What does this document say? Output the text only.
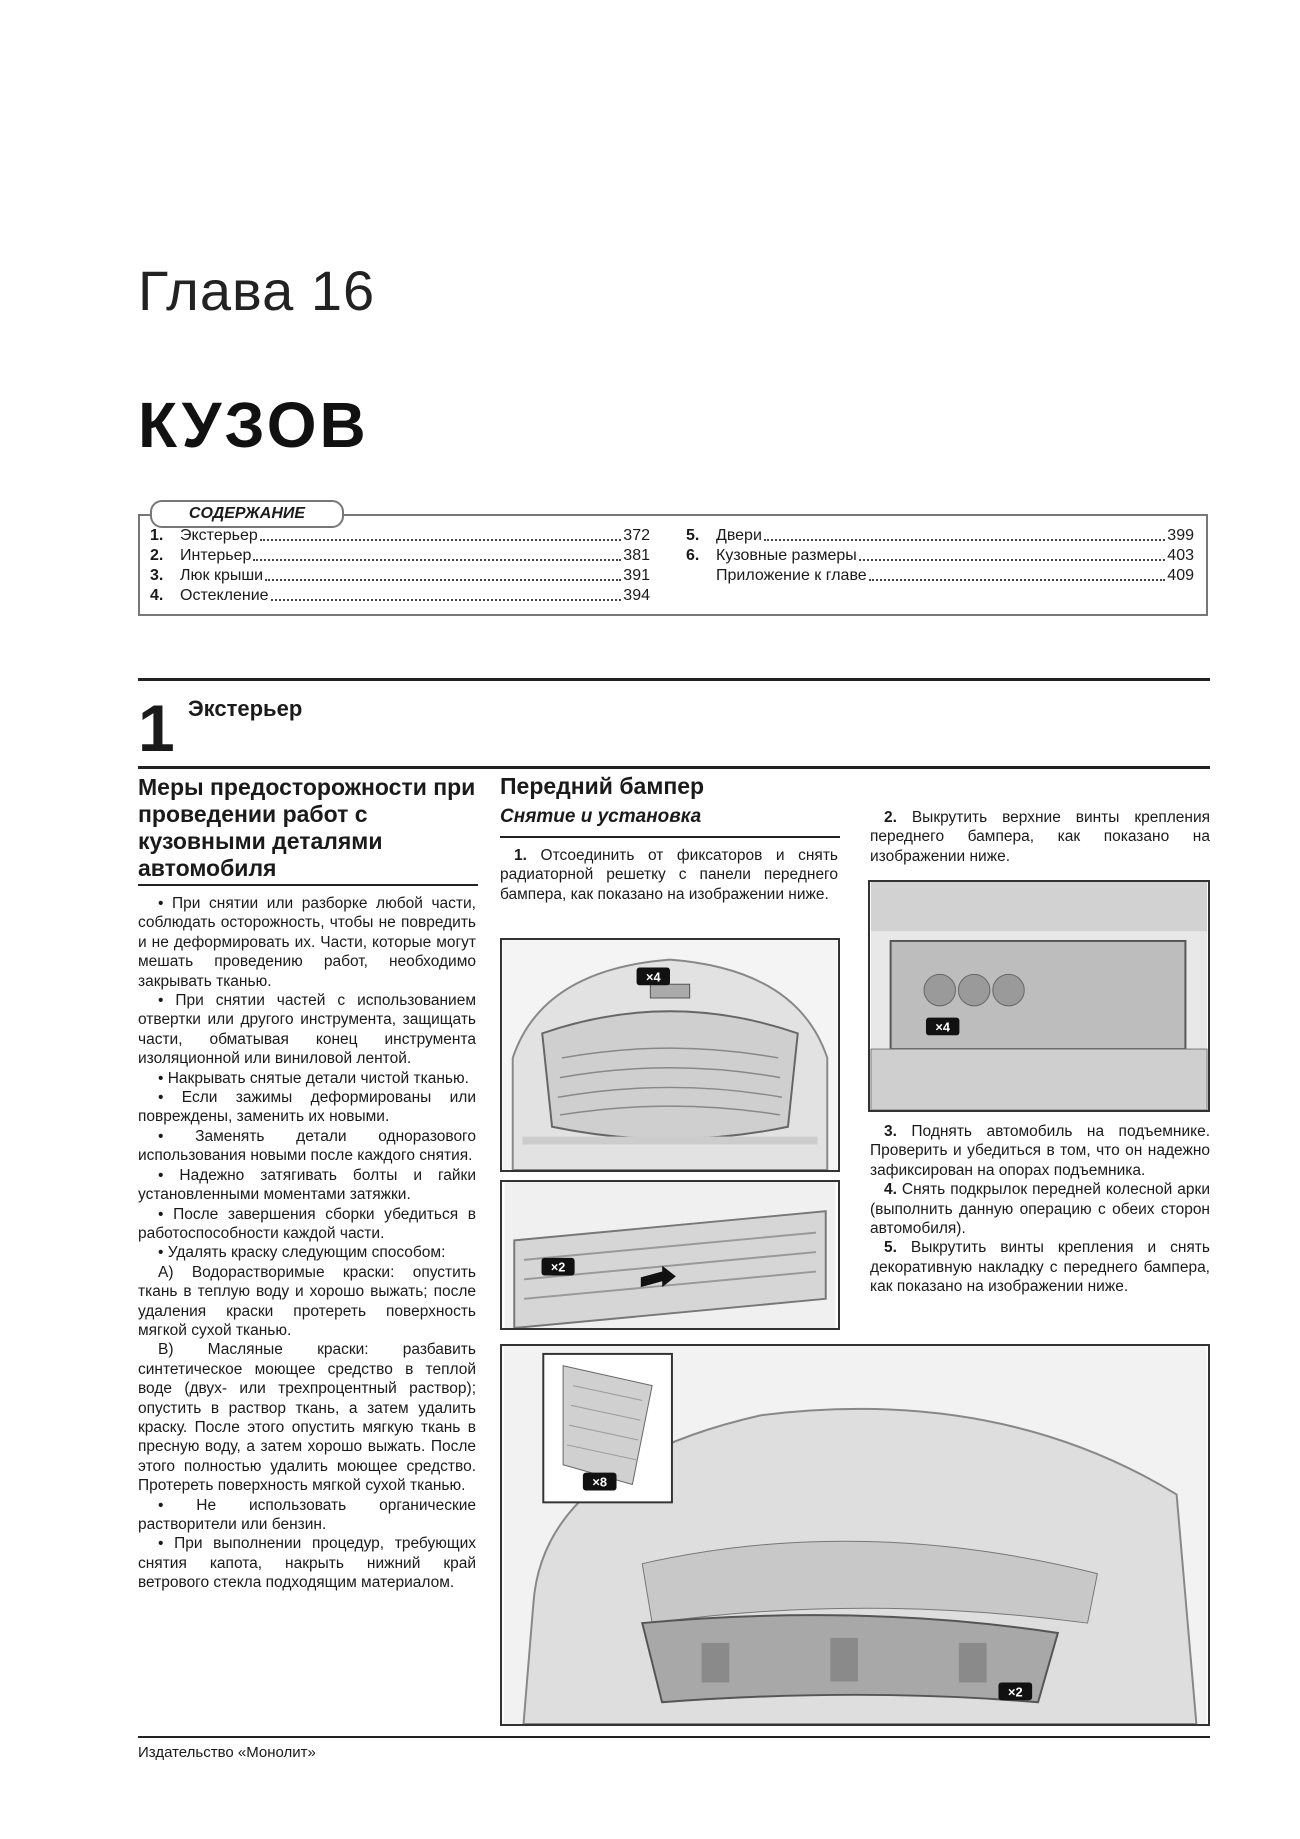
Глава 16
КУЗОВ
СОДЕРЖАНИЕ
1.	Экстерьер	372
2.	Интерьер	381
3.	Люк крыши	391
4.	Остекление	394
5.	Двери	399
6.	Кузовные размеры	403
Приложение к главе	409
1 Экстерьер
Меры предосторожности при проведении работ с кузовными деталями автомобиля

• При снятии или разборке любой части, соблюдать осторожность, чтобы не повредить и не деформировать их. Части, которые могут мешать проведению работ, необходимо закрывать тканью.

• При снятии частей с использованием отвертки или другого инструмента, защищать части, обматывая конец инструмента изоляционной или виниловой лентой.

• Накрывать снятые детали чистой тканью.

• Если зажимы деформированы или повреждены, заменить их новыми.

• Заменять детали одноразового использования новыми после каждого снятия.

• Надежно затягивать болты и гайки установленными моментами затяжки.

• После завершения сборки убедиться в работоспособности каждой части.

• Удалять краску следующим способом:

А) Водорастворимые краски: опустить ткань в теплую воду и хорошо выжать; после удаления краски протереть поверхность мягкой сухой тканью.

В) Масляные краски: разбавить синтетическое моющее средство в теплой воде (двух- или трехпроцентный раствор); опустить в раствор ткань, а затем удалить краску. После этого опустить мягкую ткань в пресную воду, а затем хорошо выжать. После этого полностью удалить моющее средство. Протереть поверхность мягкой сухой тканью.

• Не использовать органические растворители или бензин.

• При выполнении процедур, требующих снятия капота, накрыть нижний край ветрового стекла подходящим материалом.

Передний бампер
Снятие и установка

1. Отсоединить от фиксаторов и снять радиаторной решетку с панели переднего бампера, как показано на изображении ниже.

×4
×2

2. Выкрутить верхние винты крепления переднего бампера, как показано на изображении ниже.

×4

3. Поднять автомобиль на подъемнике. Проверить и убедиться в том, что он надежно зафиксирован на опорах подъемника.

4. Снять подкрылок передней колесной арки (выполнить данную операцию с обеих сторон автомобиля).

5. Выкрутить винты крепления и снять декоративную накладку с переднего бампера, как показано на изображении ниже.

×8
×2
Издательство «Монолит»
